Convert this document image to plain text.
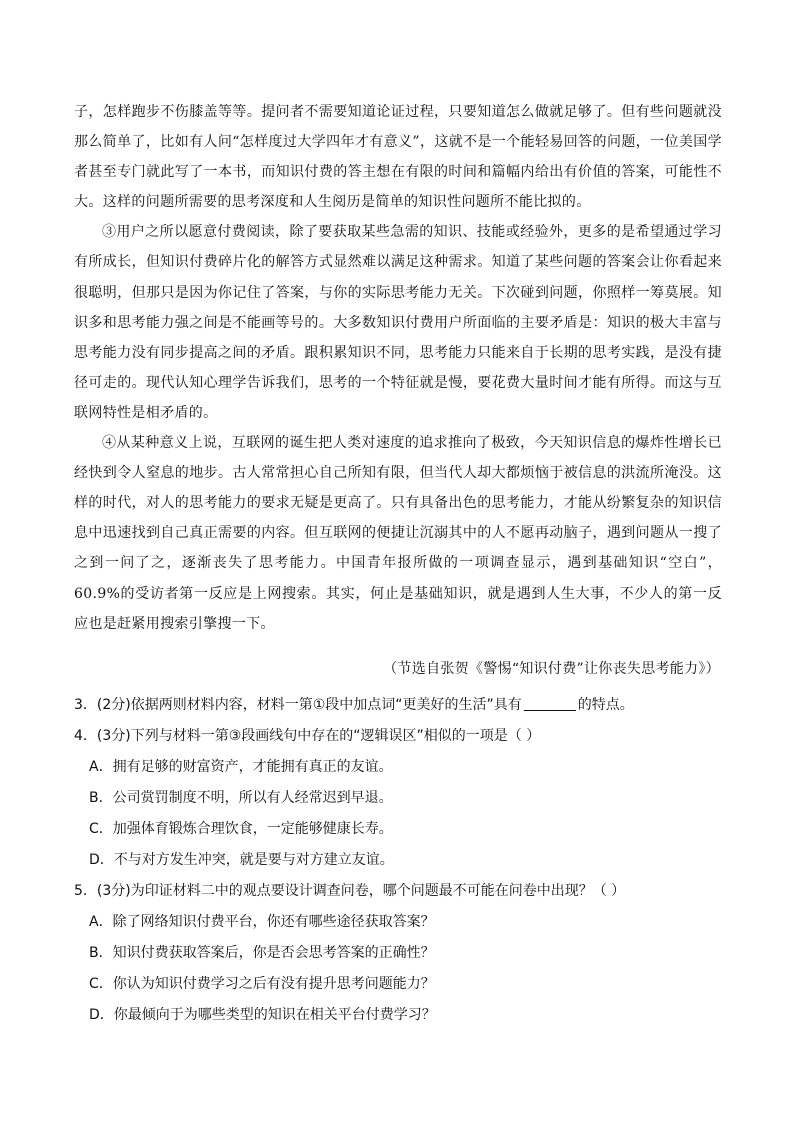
子，怎样跑步不伤膝盖等等。提问者不需要知道论证过程，只要知道怎么做就足够了。但有些问题就没那么简单了，比如有人问“怎样度过大学四年才有意义”，这就不是一个能轻易回答的问题，一位美国学者甚至专门就此写了一本书，而知识付费的答主想在有限的时间和篇幅内给出有价值的答案，可能性不大。这样的问题所需要的思考深度和人生阅历是简单的知识性问题所不能比拟的。

③用户之所以愿意付费阅读，除了要获取某些急需的知识、技能或经验外，更多的是希望通过学习有所成长，但知识付费碎片化的解答方式显然难以满足这种需求。知道了某些问题的答案会让你看起来很聪明，但那只是因为你记住了答案，与你的实际思考能力无关。下次碰到问题，你照样一筹莫展。知识多和思考能力强之间是不能画等号的。大多数知识付费用户所面临的主要矛盾是：知识的极大丰富与思考能力没有同步提高之间的矛盾。跟积累知识不同，思考能力只能来自于长期的思考实践，是没有捷径可走的。现代认知心理学告诉我们，思考的一个特征就是慢，要花费大量时间才能有所得。而这与互联网特性是相矛盾的。

④从某种意义上说，互联网的诞生把人类对速度的追求推向了极致，今天知识信息的爆炸性增长已经快到令人窒息的地步。古人常常担心自己所知有限，但当代人却大都烦恼于被信息的洪流所淹没。这样的时代，对人的思考能力的要求无疑是更高了。只有具备出色的思考能力，才能从纷繁复杂的知识信息中迅速找到自己真正需要的内容。但互联网的便捷让沉溺其中的人不愿再动脑子，遇到问题从一搜了之到一问了之，逐渐丧失了思考能力。中国青年报所做的一项调查显示，遇到基础知识“空白”，60.9%的受访者第一反应是上网搜索。其实，何止是基础知识，就是遇到人生大事，不少人的第一反应也是赶紧用搜索引擎搜一下。

（节选自张贺《警惕“知识付费”让你丧失思考能力》）

3．(2分)依据两则材料内容，材料一第①段中加点词“更美好的生活”具有	的特点。

4．(3分)下列与材料一第③段画线句中存在的“逻辑误区”相似的一项是（ ）

A．拥有足够的财富资产，才能拥有真正的友谊。

B．公司赏罚制度不明，所以有人经常迟到早退。

C．加强体育锻炼合理饮食，一定能够健康长寿。

D．不与对方发生冲突，就是要与对方建立友谊。

5．(3分)为印证材料二中的观点要设计调查问卷，哪个问题最不可能在问卷中出现？（ ）

A．除了网络知识付费平台，你还有哪些途径获取答案？

B．知识付费获取答案后，你是否会思考答案的正确性？

C．你认为知识付费学习之后有没有提升思考问题能力？

D．你最倾向于为哪些类型的知识在相关平台付费学习？
